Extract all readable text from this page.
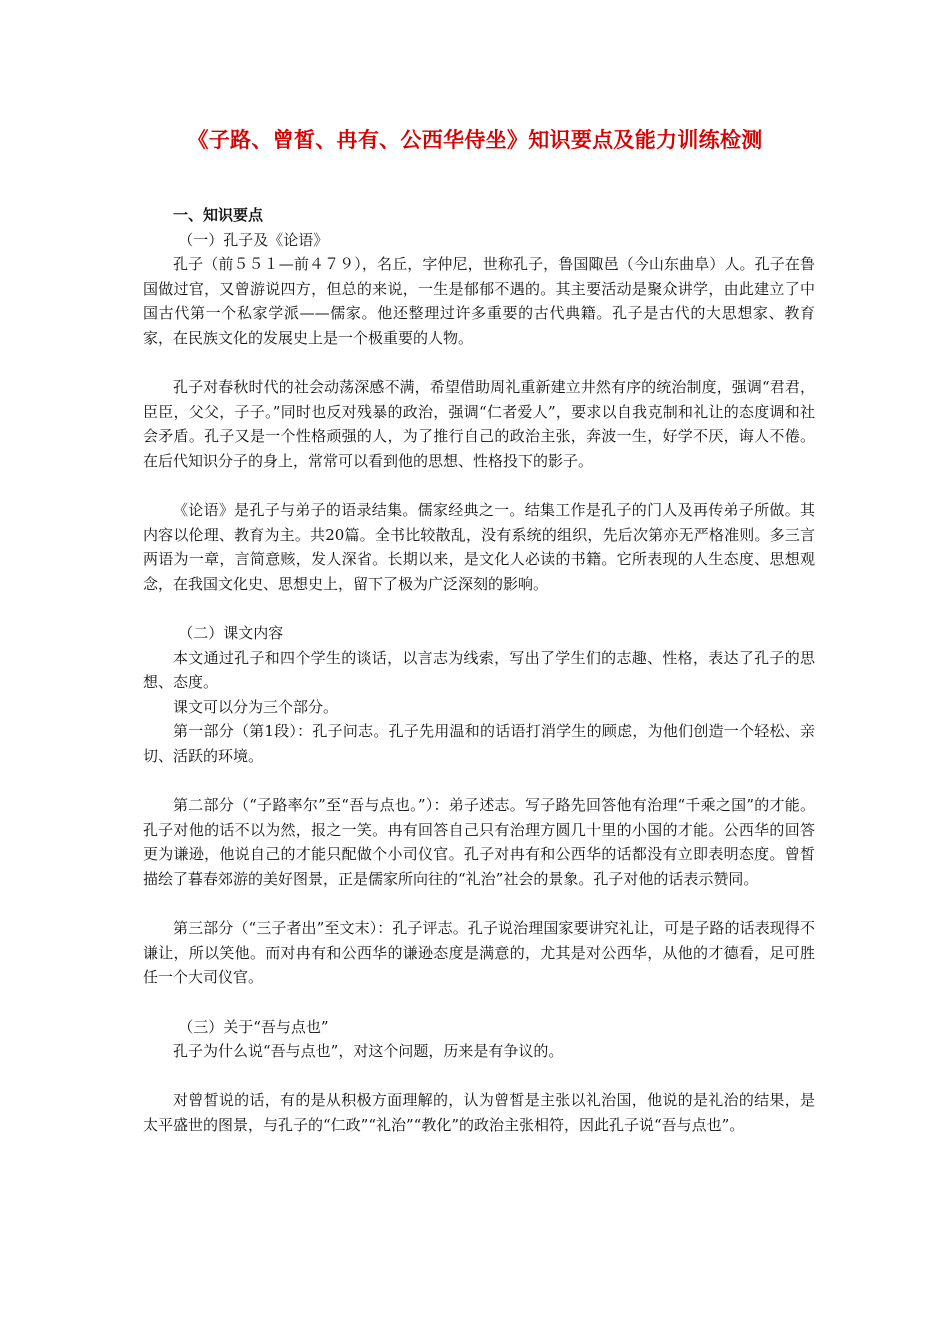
《子路、曾皙、冉有、公西华侍坐》知识要点及能力训练检测

一、知识要点

（一）孔子及《论语》

孔子（前５５１—前４７９），名丘，字仲尼，世称孔子，鲁国陬邑（今山东曲阜）人。孔子在鲁国做过官，又曾游说四方，但总的来说，一生是郁郁不遇的。其主要活动是聚众讲学，由此建立了中国古代第一个私家学派——儒家。他还整理过许多重要的古代典籍。孔子是古代的大思想家、教育家，在民族文化的发展史上是一个极重要的人物。

孔子对春秋时代的社会动荡深感不满，希望借助周礼重新建立井然有序的统治制度，强调“君君，臣臣，父父，子子。”同时也反对残暴的政治，强调“仁者爱人”，要求以自我克制和礼让的态度调和社会矛盾。孔子又是一个性格顽强的人，为了推行自己的政治主张，奔波一生，好学不厌，诲人不倦。在后代知识分子的身上，常常可以看到他的思想、性格投下的影子。

《论语》是孔子与弟子的语录结集。儒家经典之一。结集工作是孔子的门人及再传弟子所做。其内容以伦理、教育为主。共20篇。全书比较散乱，没有系统的组织，先后次第亦无严格准则。多三言两语为一章，言简意赅，发人深省。长期以来，是文化人必读的书籍。它所表现的人生态度、思想观念，在我国文化史、思想史上，留下了极为广泛深刻的影响。

（二）课文内容

本文通过孔子和四个学生的谈话，以言志为线索，写出了学生们的志趣、性格，表达了孔子的思想、态度。

课文可以分为三个部分。

第一部分（第1段）：孔子问志。孔子先用温和的话语打消学生的顾虑，为他们创造一个轻松、亲切、活跃的环境。

第二部分（“子路率尔”至“吾与点也。”）：弟子述志。写子路先回答他有治理“千乘之国”的才能。孔子对他的话不以为然，报之一笑。冉有回答自己只有治理方圆几十里的小国的才能。公西华的回答更为谦逊，他说自己的才能只配做个小司仪官。孔子对冉有和公西华的话都没有立即表明态度。曾皙描绘了暮春郊游的美好图景，正是儒家所向往的“礼治”社会的景象。孔子对他的话表示赞同。

第三部分（“三子者出”至文末）：孔子评志。孔子说治理国家要讲究礼让，可是子路的话表现得不谦让，所以笑他。而对冉有和公西华的谦逊态度是满意的，尤其是对公西华，从他的才德看，足可胜任一个大司仪官。

（三）关于“吾与点也”

孔子为什么说“吾与点也”，对这个问题，历来是有争议的。

对曾皙说的话，有的是从积极方面理解的，认为曾皙是主张以礼治国，他说的是礼治的结果，是太平盛世的图景，与孔子的“仁政”“礼治”“教化”的政治主张相符，因此孔子说“吾与点也”。
